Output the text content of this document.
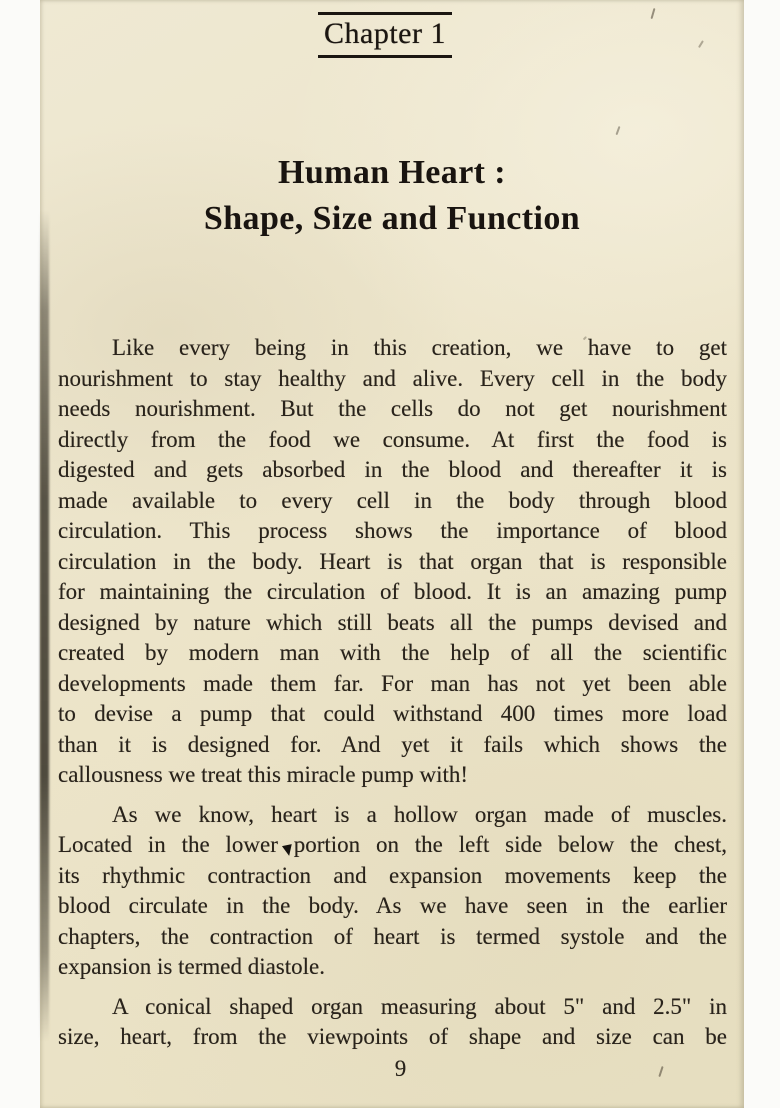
Chapter 1
Human Heart :
Shape, Size and Function
Like every being in this creation, we have to get
nourishment to stay healthy and alive. Every cell in the body
needs nourishment. But the cells do not get nourishment
directly from the food we consume. At first the food is
digested and gets absorbed in the blood and thereafter it is
made available to every cell in the body through blood
circulation. This process shows the importance of blood
circulation in the body. Heart is that organ that is responsible
for maintaining the circulation of blood. It is an amazing pump
designed by nature which still beats all the pumps devised and
created by modern man with the help of all the scientific
developments made them far. For man has not yet been able
to devise a pump that could withstand 400 times more load
than it is designed for. And yet it fails which shows the
callousness we treat this miracle pump with!
As we know, heart is a hollow organ made of muscles.
Located in the lower portion on the left side below the chest,
its rhythmic contraction and expansion movements keep the
blood circulate in the body. As we have seen in the earlier
chapters, the contraction of heart is termed systole and the
expansion is termed diastole.
A conical shaped organ measuring about 5" and 2.5" in
size, heart, from the viewpoints of shape and size can be
9
